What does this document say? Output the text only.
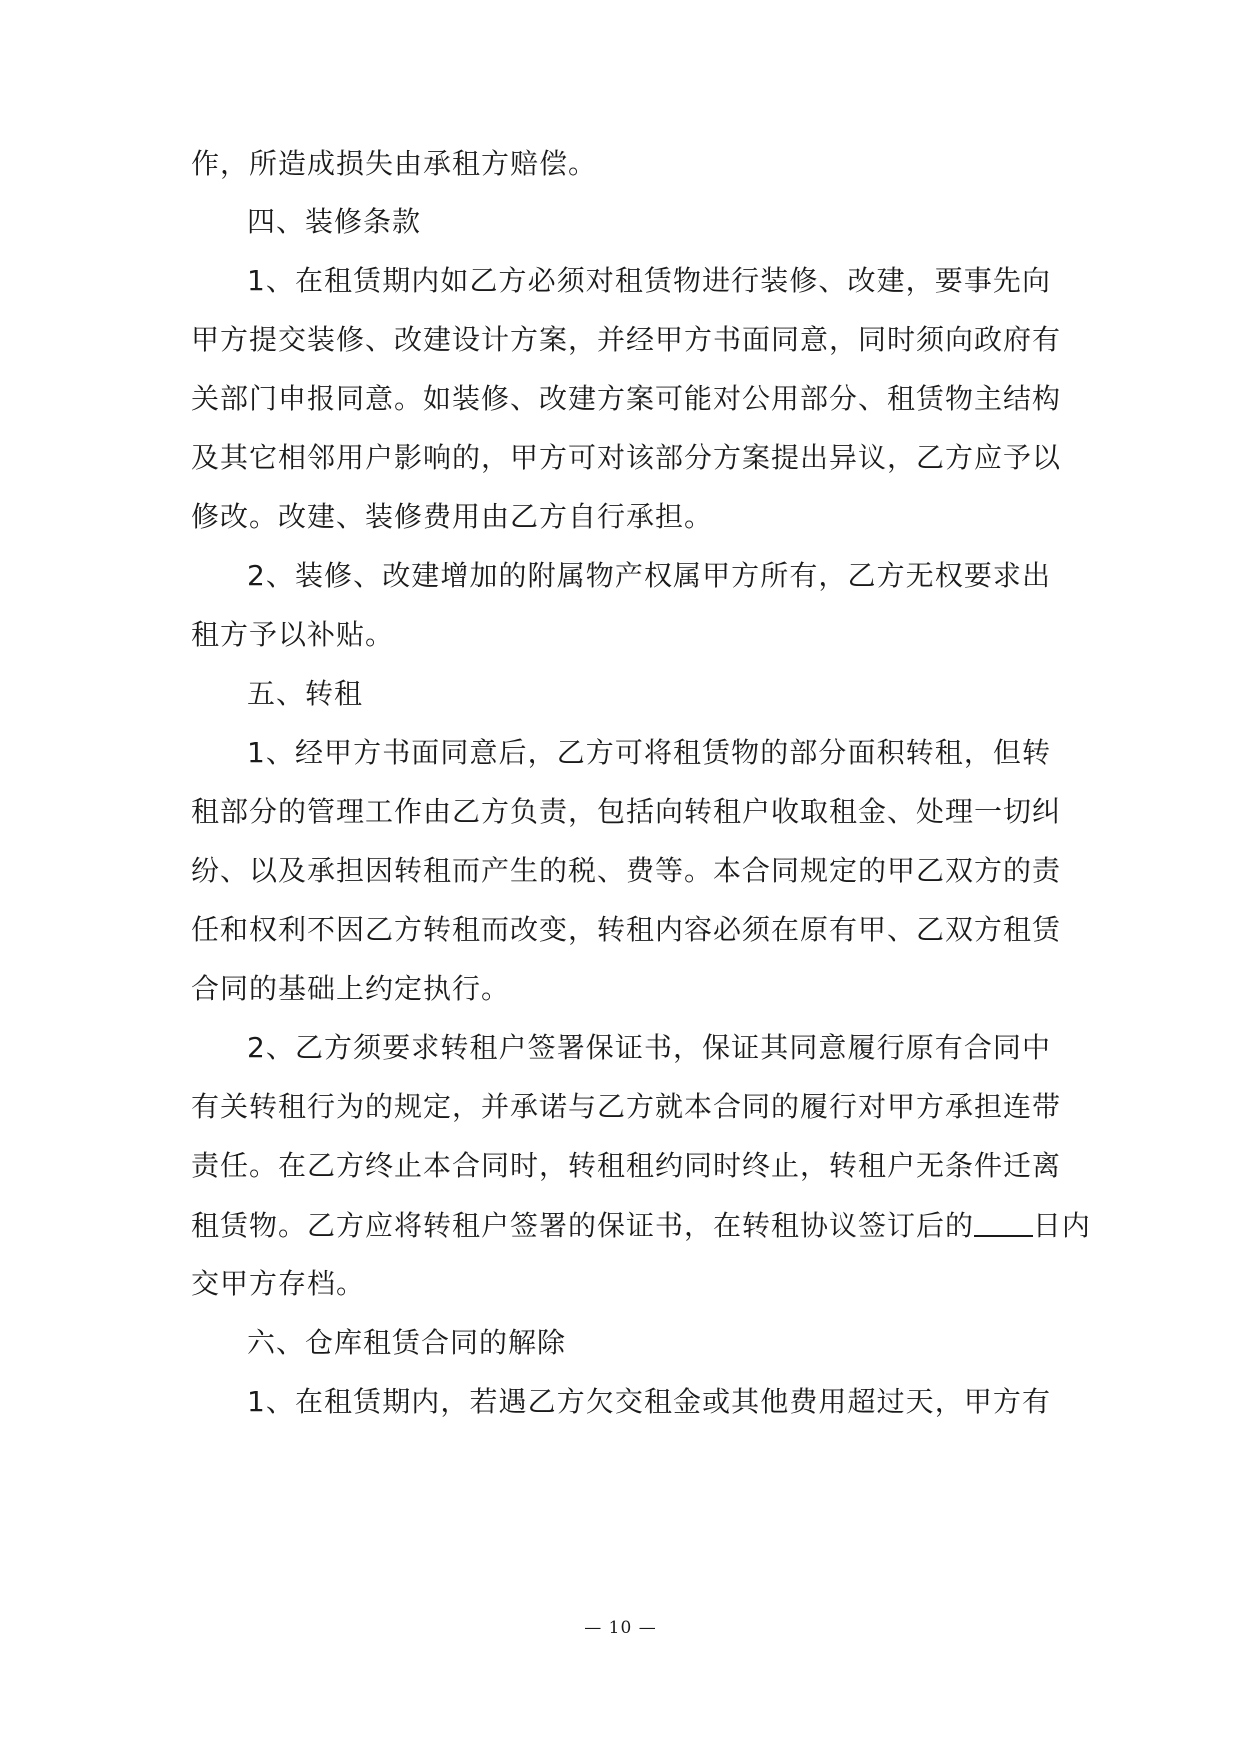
作，所造成损失由承租方赔偿。
四、装修条款
1、在租赁期内如乙方必须对租赁物进行装修、改建，要事先向
甲方提交装修、改建设计方案，并经甲方书面同意，同时须向政府有
关部门申报同意。如装修、改建方案可能对公用部分、租赁物主结构
及其它相邻用户影响的，甲方可对该部分方案提出异议，乙方应予以
修改。改建、装修费用由乙方自行承担。
2、装修、改建增加的附属物产权属甲方所有，乙方无权要求出
租方予以补贴。
五、转租
1、经甲方书面同意后，乙方可将租赁物的部分面积转租，但转
租部分的管理工作由乙方负责，包括向转租户收取租金、处理一切纠
纷、以及承担因转租而产生的税、费等。本合同规定的甲乙双方的责
任和权利不因乙方转租而改变，转租内容必须在原有甲、乙双方租赁
合同的基础上约定执行。
2、乙方须要求转租户签署保证书，保证其同意履行原有合同中
有关转租行为的规定，并承诺与乙方就本合同的履行对甲方承担连带
责任。在乙方终止本合同时，转租租约同时终止，转租户无条件迁离
租赁物。乙方应将转租户签署的保证书，在转租协议签订后的 日内
交甲方存档。
六、仓库租赁合同的解除
1、在租赁期内，若遇乙方欠交租金或其他费用超过天，甲方有
— 10 —
